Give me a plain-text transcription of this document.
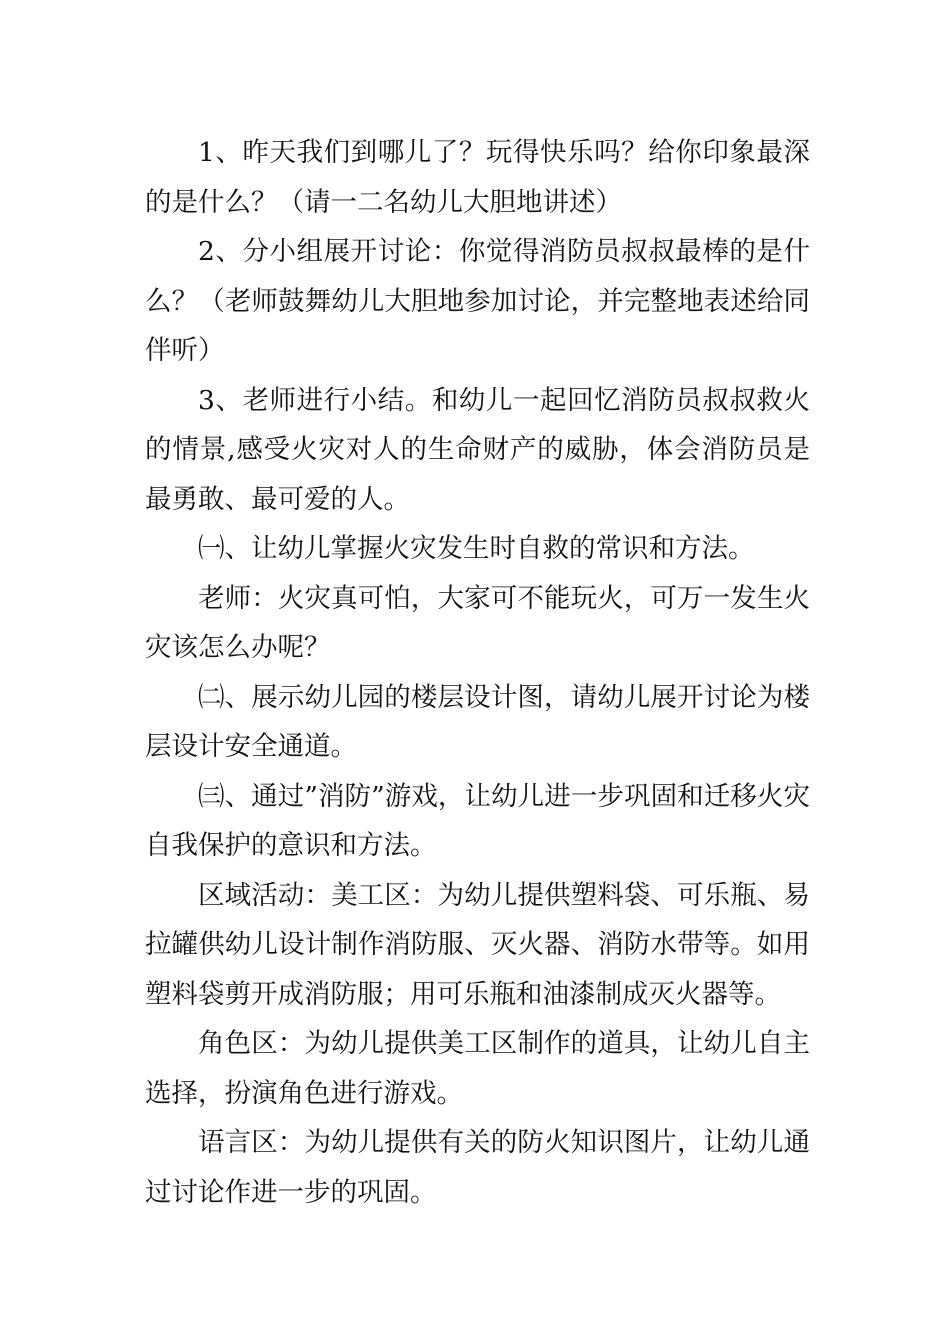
1、昨天我们到哪儿了？玩得快乐吗？给你印象最深的是什么？（请一二名幼儿大胆地讲述）

2、分小组展开讨论：你觉得消防员叔叔最棒的是什么？（老师鼓舞幼儿大胆地参加讨论，并完整地表述给同伴听）

3、老师进行小结。和幼儿一起回忆消防员叔叔救火的情景,感受火灾对人的生命财产的威胁，体会消防员是最勇敢、最可爱的人。

㈠、让幼儿掌握火灾发生时自救的常识和方法。

老师：火灾真可怕，大家可不能玩火，可万一发生火灾该怎么办呢？

㈡、展示幼儿园的楼层设计图，请幼儿展开讨论为楼层设计安全通道。

㈢、通过”消防”游戏，让幼儿进一步巩固和迁移火灾自我保护的意识和方法。

区域活动：美工区：为幼儿提供塑料袋、可乐瓶、易拉罐供幼儿设计制作消防服、灭火器、消防水带等。如用塑料袋剪开成消防服；用可乐瓶和油漆制成灭火器等。

角色区：为幼儿提供美工区制作的道具，让幼儿自主选择，扮演角色进行游戏。

语言区：为幼儿提供有关的防火知识图片，让幼儿通过讨论作进一步的巩固。
